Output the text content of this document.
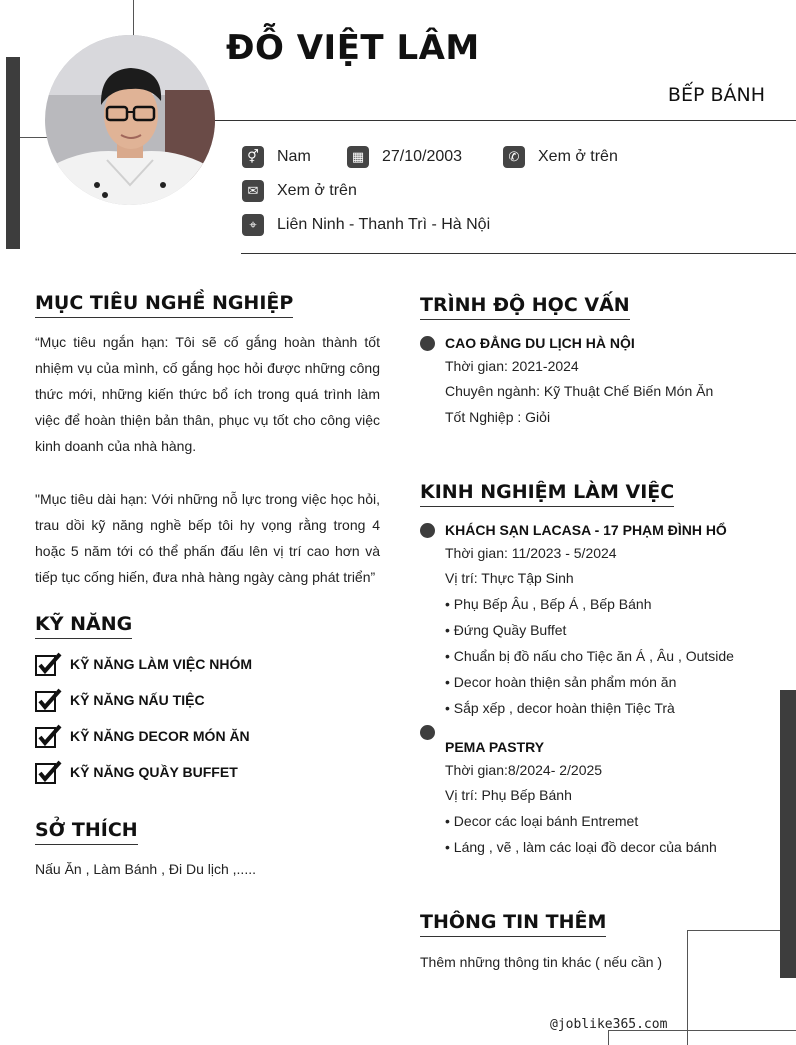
ĐỖ VIỆT LÂM
BẾP BÁNH
⚥	Nam	▦	27/10/2003	✆	Xem ở trên
✉	Xem ở trên
⌖	Liên Ninh - Thanh Trì - Hà Nội
MỤC TIÊU NGHỀ NGHIỆP
“Mục tiêu ngắn hạn: Tôi sẽ cố gắng hoàn thành tốt nhiệm vụ của mình, cố gắng học hỏi được những công thức mới, những kiến thức bổ ích trong quá trình làm việc để hoàn thiện bản thân, phục vụ tốt cho công việc kinh doanh của nhà hàng.
"Mục tiêu dài hạn: Với những nỗ lực trong việc học hỏi, trau dồi kỹ năng nghề bếp tôi hy vọng rằng trong 4 hoặc 5 năm tới có thể phấn đấu lên vị trí cao hơn và tiếp tục cống hiến, đưa nhà hàng ngày càng phát triển”
KỸ NĂNG
KỸ NĂNG LÀM VIỆC NHÓM
KỸ NĂNG NẤU TIỆC
KỸ NĂNG DECOR MÓN ĂN
KỸ NĂNG QUẦY BUFFET
SỞ THÍCH
Nấu Ăn , Làm Bánh , Đi Du lịch ,.....
TRÌNH ĐỘ HỌC VẤN
CAO ĐẲNG DU LỊCH HÀ NỘI
Thời gian: 2021-2024
Chuyên ngành: Kỹ Thuật Chế Biến Món Ăn
Tốt Nghiệp : Giỏi
KINH NGHIỆM LÀM VIỆC
KHÁCH SẠN LACASA - 17 PHẠM ĐÌNH HỔ
Thời gian: 11/2023 - 5/2024
Vị trí: Thực Tập Sinh
• Phụ Bếp Âu , Bếp Á , Bếp Bánh
• Đứng Quầy Buffet
• Chuẩn bị đồ nấu cho Tiệc ăn Á , Âu , Outside
• Decor hoàn thiện sản phẩm món ăn
• Sắp xếp , decor hoàn thiện Tiệc Trà
PEMA PASTRY
Thời gian:8/2024- 2/2025
Vị trí: Phụ Bếp Bánh
• Decor các loại bánh Entremet
• Láng , vẽ , làm các loại đồ decor của bánh
THÔNG TIN THÊM
Thêm những thông tin khác ( nếu cần )
@joblike365.com
